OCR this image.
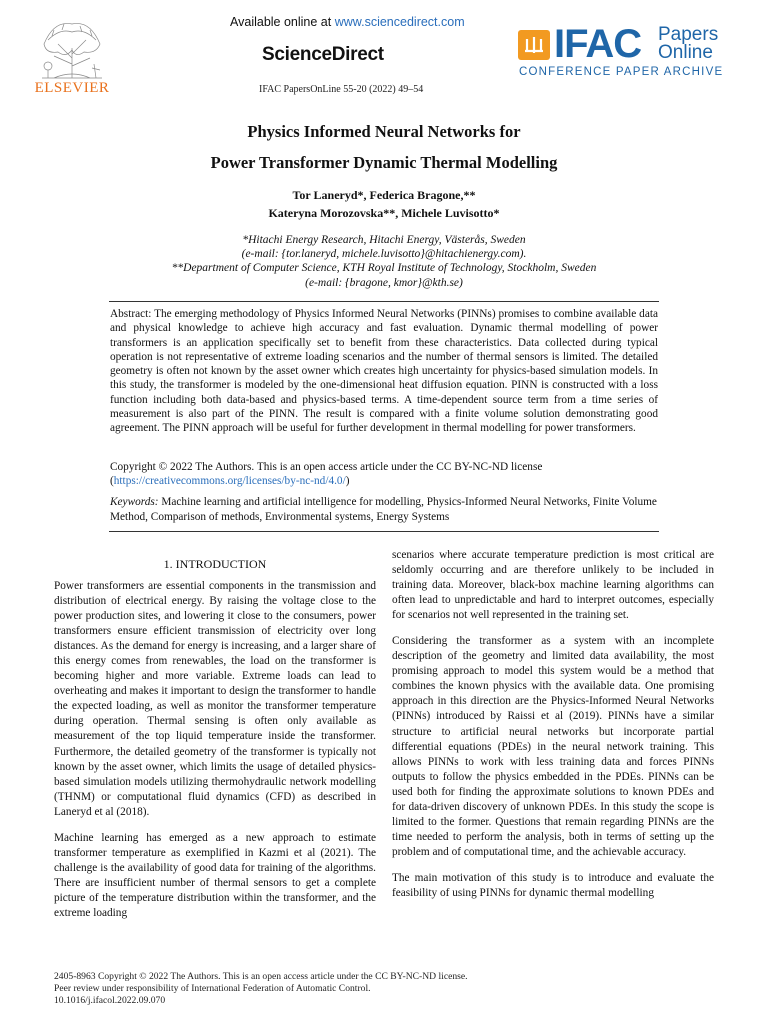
ELSEVIER
Available online at www.sciencedirect.com
ScienceDirect
IFAC PapersOnLine 55-20 (2022) 49–54
IFAC Papers
Online
CONFERENCE PAPER ARCHIVE
Physics Informed Neural Networks for
Power Transformer Dynamic Thermal Modelling
Tor Laneryd*, Federica Bragone,**
Kateryna Morozovska**, Michele Luvisotto*
*Hitachi Energy Research, Hitachi Energy, Västerås, Sweden
(e-mail: {tor.laneryd, michele.luvisotto}@hitachienergy.com).
**Department of Computer Science, KTH Royal Institute of Technology, Stockholm, Sweden
(e-mail: {bragone, kmor}@kth.se)

Abstract: The emerging methodology of Physics Informed Neural Networks (PINNs) promises to combine available data and physical knowledge to achieve high accuracy and fast evaluation. Dynamic thermal modelling of power transformers is an application specifically set to benefit from these characteristics. Data collected during typical operation is not representative of extreme loading scenarios and the number of thermal sensors is limited. The detailed geometry is often not known by the asset owner which creates high uncertainty for physics-based simulation models. In this study, the transformer is modeled by the one-dimensional heat diffusion equation. PINN is constructed with a loss function including both data-based and physics-based terms. A time-dependent source term from a time series of measurement is also part of the PINN. The result is compared with a finite volume solution demonstrating good agreement. The PINN approach will be useful for further development in thermal modelling for power transformers.

Copyright © 2022 The Authors. This is an open access article under the CC BY-NC-ND license
(https://creativecommons.org/licenses/by-nc-nd/4.0/)
Keywords: Machine learning and artificial intelligence for modelling, Physics-Informed Neural Networks, Finite Volume Method, Comparison of methods, Environmental systems, Energy Systems
1. INTRODUCTION

Power transformers are essential components in the transmission and distribution of electrical energy. By raising the voltage close to the power production sites, and lowering it close to the consumers, power transformers ensure efficient transmission of electricity over long distances. As the demand for energy is increasing, and a larger share of this energy comes from renewables, the load on the transformer is becoming higher and more variable. Extreme loads can lead to overheating and makes it important to design the transformer to handle the expected loading, as well as monitor the transformer temperature during operation. Thermal sensing is often only available as measurement of the top liquid temperature inside the transformer. Furthermore, the detailed geometry of the transformer is typically not known by the asset owner, which limits the usage of detailed physics-based simulation models utilizing thermohydraulic network modelling (THNM) or computational fluid dynamics (CFD) as described in Laneryd et al (2018).

Machine learning has emerged as a new approach to estimate transformer temperature as exemplified in Kazmi et al (2021). The challenge is the availability of good data for training of the algorithms. There are insufficient number of thermal sensors to get a complete picture of the temperature distribution within the transformer, and the extreme loading

scenarios where accurate temperature prediction is most critical are seldomly occurring and are therefore unlikely to be included in training data. Moreover, black-box machine learning algorithms can often lead to unpredictable and hard to interpret outcomes, especially for scenarios not well represented in the training set.

Considering the transformer as a system with an incomplete description of the geometry and limited data availability, the most promising approach to model this system would be a method that combines the known physics with the available data. One promising approach in this direction are the Physics-Informed Neural Networks (PINNs) introduced by Raissi et al (2019). PINNs have a similar structure to artificial neural networks but incorporate partial differential equations (PDEs) in the neural network training. This allows PINNs to work with less training data and forces PINNs outputs to follow the physics embedded in the PDEs. PINNs can be used both for finding the approximate solutions to known PDEs and for data-driven discovery of unknown PDEs. In this study the scope is limited to the former. Questions that remain regarding PINNs are the time needed to perform the analysis, both in terms of setting up the problem and of computational time, and the achievable accuracy.

The main motivation of this study is to introduce and evaluate the feasibility of using PINNs for dynamic thermal modelling

2405-8963 Copyright © 2022 The Authors. This is an open access article under the CC BY-NC-ND license.
Peer review under responsibility of International Federation of Automatic Control.
10.1016/j.ifacol.2022.09.070
